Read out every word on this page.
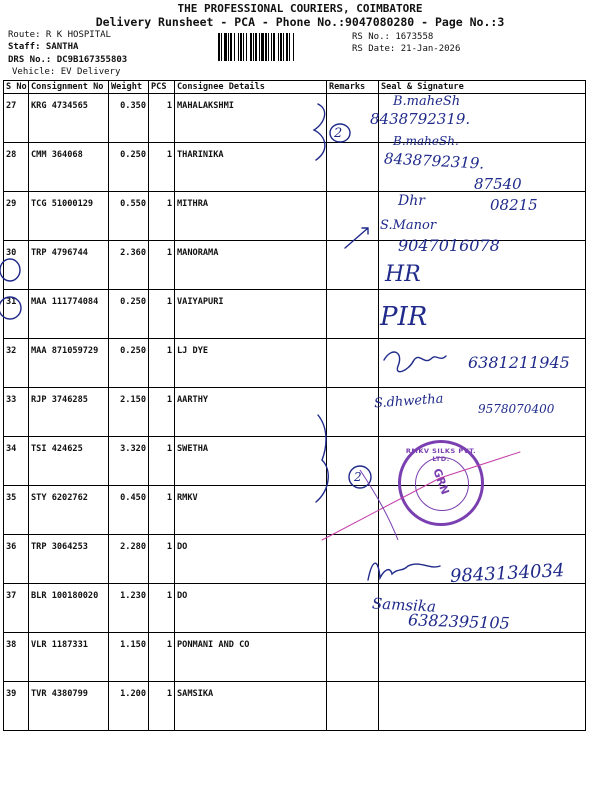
THE PROFESSIONAL COURIERS, COIMBATORE
Delivery Runsheet - PCA - Phone No.:9047080280 - Page No.:3
Route: R K HOSPITAL
Staff: SANTHA
DRS No.: DC9B167355803
Vehicle: EV Delivery
RS No.: 1673558
RS Date: 21-Jan-2026
S No	Consignment No	Weight	PCS	Consignee Details	Remarks	Seal & Signature
27	KRG 4734565	0.350	1	MAHALAKSHMI		
28	CMM 364068	0.250	1	THARINIKA		
29	TCG 51000129	0.550	1	MITHRA		
30	TRP 4796744	2.360	1	MANORAMA		
31	MAA 111774084	0.250	1	VAIYAPURI		
32	MAA 871059729	0.250	1	LJ DYE		
33	RJP 3746285	2.150	1	AARTHY		
34	TSI 424625	3.320	1	SWETHA		
35	STY 6202762	0.450	1	RMKV		
36	TRP 3064253	2.280	1	DO		
37	BLR 100180020	1.230	1	DO		
38	VLR 1187331	1.150	1	PONMANI AND CO		
39	TVR 4380799	1.200	1	SAMSIKA		
RMKV SILKS PVT. LTD.
GRN
B.maheSh
8438792319.
B.maheSh.
8438792319.
87540
Dhr	08215
S.Manor
9047016078
HR
PIR
6381211945
S.dhwetha	9578070400
9843134034
Samsika
6382395105
2
2
